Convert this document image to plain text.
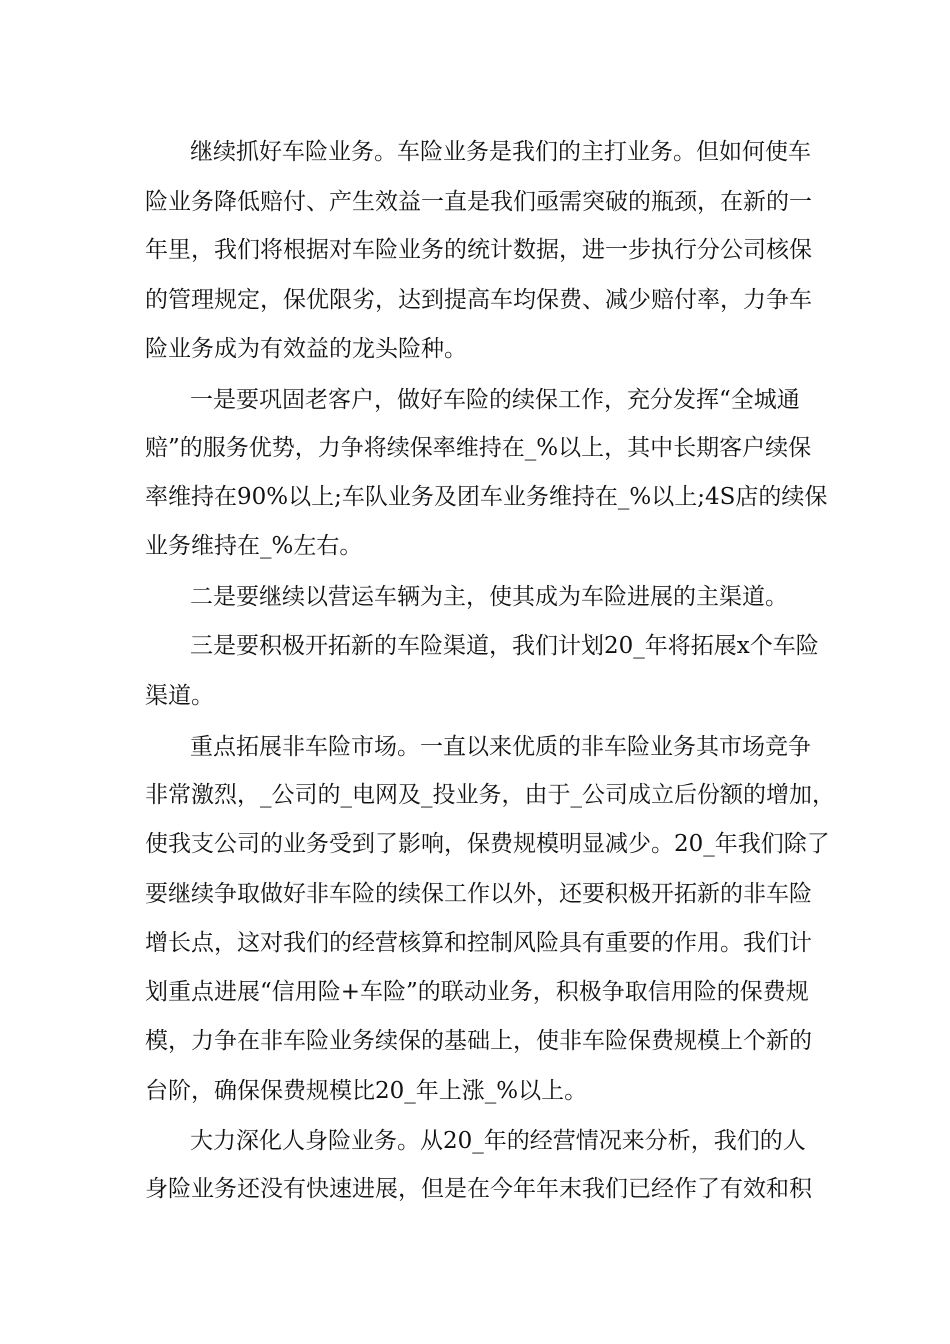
继续抓好车险业务。车险业务是我们的主打业务。但如何使车
险业务降低赔付、产生效益一直是我们亟需突破的瓶颈，在新的一
年里，我们将根据对车险业务的统计数据，进一步执行分公司核保
的管理规定，保优限劣，达到提高车均保费、减少赔付率，力争车
险业务成为有效益的龙头险种。
一是要巩固老客户，做好车险的续保工作，充分发挥“全城通
赔”的服务优势，力争将续保率维持在_%以上，其中长期客户续保
率维持在90%以上;车队业务及团车业务维持在_%以上;4S店的续保
业务维持在_%左右。
二是要继续以营运车辆为主，使其成为车险进展的主渠道。
三是要积极开拓新的车险渠道，我们计划20_年将拓展x个车险
渠道。
重点拓展非车险市场。一直以来优质的非车险业务其市场竞争
非常激烈，_公司的_电网及_投业务，由于_公司成立后份额的增加，
使我支公司的业务受到了影响，保费规模明显减少。20_年我们除了
要继续争取做好非车险的续保工作以外，还要积极开拓新的非车险
增长点，这对我们的经营核算和控制风险具有重要的作用。我们计
划重点进展“信用险+车险”的联动业务，积极争取信用险的保费规
模，力争在非车险业务续保的基础上，使非车险保费规模上个新的
台阶，确保保费规模比20_年上涨_%以上。
大力深化人身险业务。从20_年的经营情况来分析，我们的人
身险业务还没有快速进展，但是在今年年末我们已经作了有效和积
